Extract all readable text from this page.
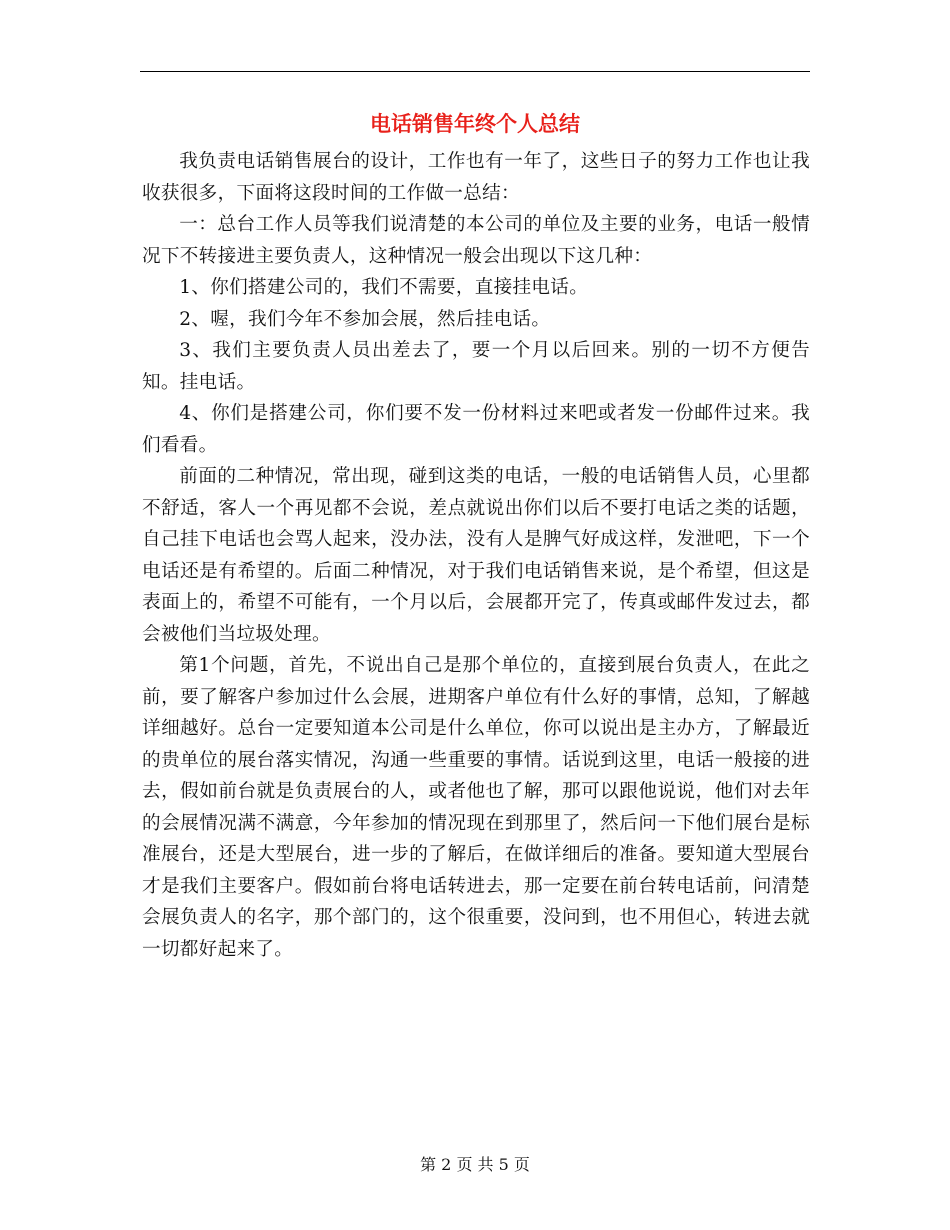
电话销售年终个人总结

我负责电话销售展台的设计，工作也有一年了，这些日子的努力工作也让我收获很多，下面将这段时间的工作做一总结：

一：总台工作人员等我们说清楚的本公司的单位及主要的业务，电话一般情况下不转接进主要负责人，这种情况一般会出现以下这几种：

1、你们搭建公司的，我们不需要，直接挂电话。

2、喔，我们今年不参加会展，然后挂电话。

3、我们主要负责人员出差去了，要一个月以后回来。别的一切不方便告知。挂电话。

4、你们是搭建公司，你们要不发一份材料过来吧或者发一份邮件过来。我们看看。

前面的二种情况，常出现，碰到这类的电话，一般的电话销售人员，心里都不舒适，客人一个再见都不会说，差点就说出你们以后不要打电话之类的话题，自己挂下电话也会骂人起来，没办法，没有人是脾气好成这样，发泄吧，下一个电话还是有希望的。后面二种情况，对于我们电话销售来说，是个希望，但这是表面上的，希望不可能有，一个月以后，会展都开完了，传真或邮件发过去，都会被他们当垃圾处理。

第1个问题，首先，不说出自己是那个单位的，直接到展台负责人，在此之前，要了解客户参加过什么会展，进期客户单位有什么好的事情，总知，了解越详细越好。总台一定要知道本公司是什么单位，你可以说出是主办方，了解最近的贵单位的展台落实情况，沟通一些重要的事情。话说到这里，电话一般接的进去，假如前台就是负责展台的人，或者他也了解，那可以跟他说说，他们对去年的会展情况满不满意，今年参加的情况现在到那里了，然后问一下他们展台是标准展台，还是大型展台，进一步的了解后，在做详细后的准备。要知道大型展台才是我们主要客户。假如前台将电话转进去，那一定要在前台转电话前，问清楚会展负责人的名字，那个部门的，这个很重要，没问到，也不用但心，转进去就一切都好起来了。

第 2 页 共 5 页
